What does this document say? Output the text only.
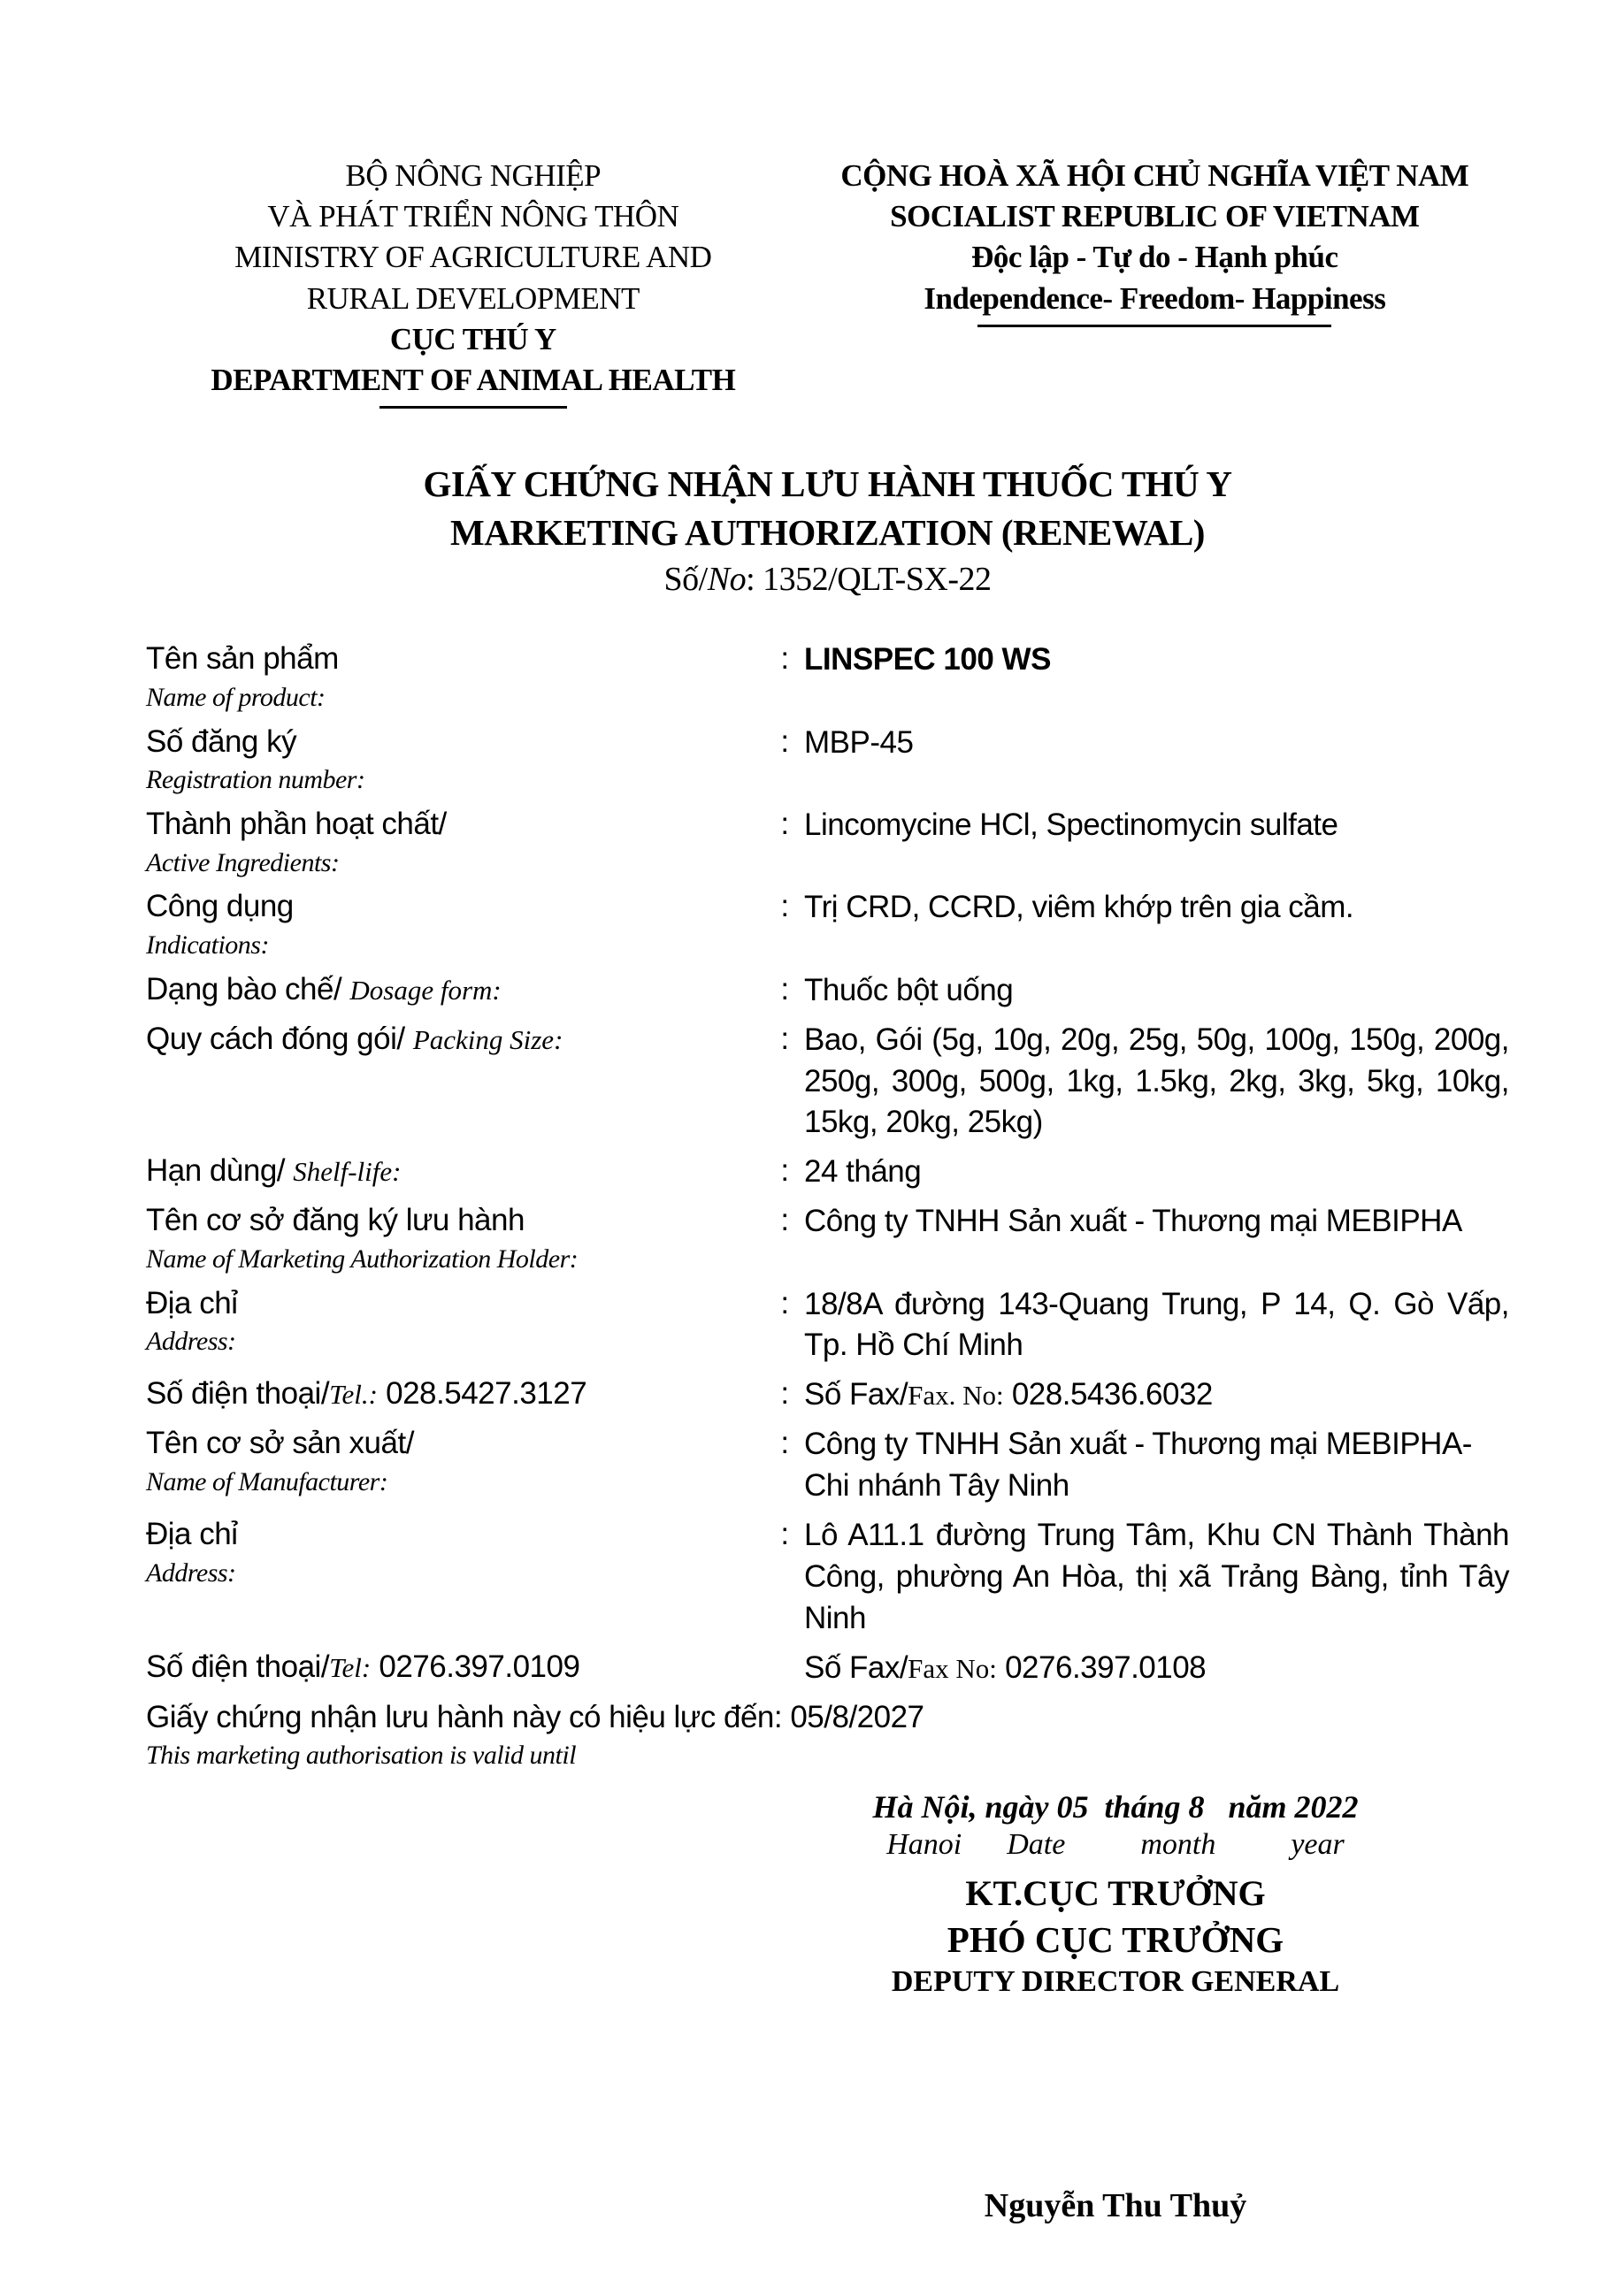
BỘ NÔNG NGHIỆP
VÀ PHÁT TRIỂN NÔNG THÔN
MINISTRY OF AGRICULTURE AND
RURAL DEVELOPMENT
CỤC THÚ Y
DEPARTMENT OF ANIMAL HEALTH
CỘNG HOÀ XÃ HỘI CHỦ NGHĨA VIỆT NAM
SOCIALIST REPUBLIC OF VIETNAM
Độc lập - Tự do - Hạnh phúc
Independence- Freedom- Happiness
GIẤY CHỨNG NHẬN LƯU HÀNH THUỐC THÚ Y
MARKETING AUTHORIZATION (RENEWAL)
Số/No: 1352/QLT-SX-22
Tên sản phẩm
Name of product:
: LINSPEC 100 WS
Số đăng ký
Registration number:
: MBP-45
Thành phần hoạt chất/
Active Ingredients:
: Lincomycine HCl, Spectinomycin sulfate
Công dụng
Indications:
: Trị CRD, CCRD, viêm khớp trên gia cầm.
Dạng bào chế/ Dosage form:	: Thuốc bột uống
Quy cách đóng gói/ Packing Size:	: Bao, Gói (5g, 10g, 20g, 25g, 50g, 100g, 150g, 200g, 250g, 300g, 500g, 1kg, 1.5kg, 2kg, 3kg, 5kg, 10kg, 15kg, 20kg, 25kg)
Hạn dùng/ Shelf-life:	: 24 tháng
Tên cơ sở đăng ký lưu hành
Name of Marketing Authorization Holder:
: Công ty TNHH Sản xuất - Thương mại MEBIPHA
Địa chỉ
Address:
: 18/8A đường 143-Quang Trung, P 14, Q. Gò Vấp, Tp. Hồ Chí Minh
Số điện thoại/Tel.: 028.5427.3127	: Số Fax/Fax. No: 028.5436.6032
Tên cơ sở sản xuất/
Name of Manufacturer:
: Công ty TNHH Sản xuất - Thương mại MEBIPHA-
Chi nhánh Tây Ninh
Địa chỉ
Address:
: Lô A11.1 đường Trung Tâm, Khu CN Thành Thành Công, phường An Hòa, thị xã Trảng Bàng, tỉnh Tây Ninh
Số điện thoại/Tel: 0276.397.0109	Số Fax/Fax No: 0276.397.0108
Giấy chứng nhận lưu hành này có hiệu lực đến: 05/8/2027
This marketing authorisation is valid until
Hà Nội, ngày 05  tháng 8   năm 2022
Hanoi      Date          month          year
KT.CỤC TRƯỞNG
PHÓ CỤC TRƯỞNG
DEPUTY DIRECTOR GENERAL
Nguyễn Thu Thuỷ
